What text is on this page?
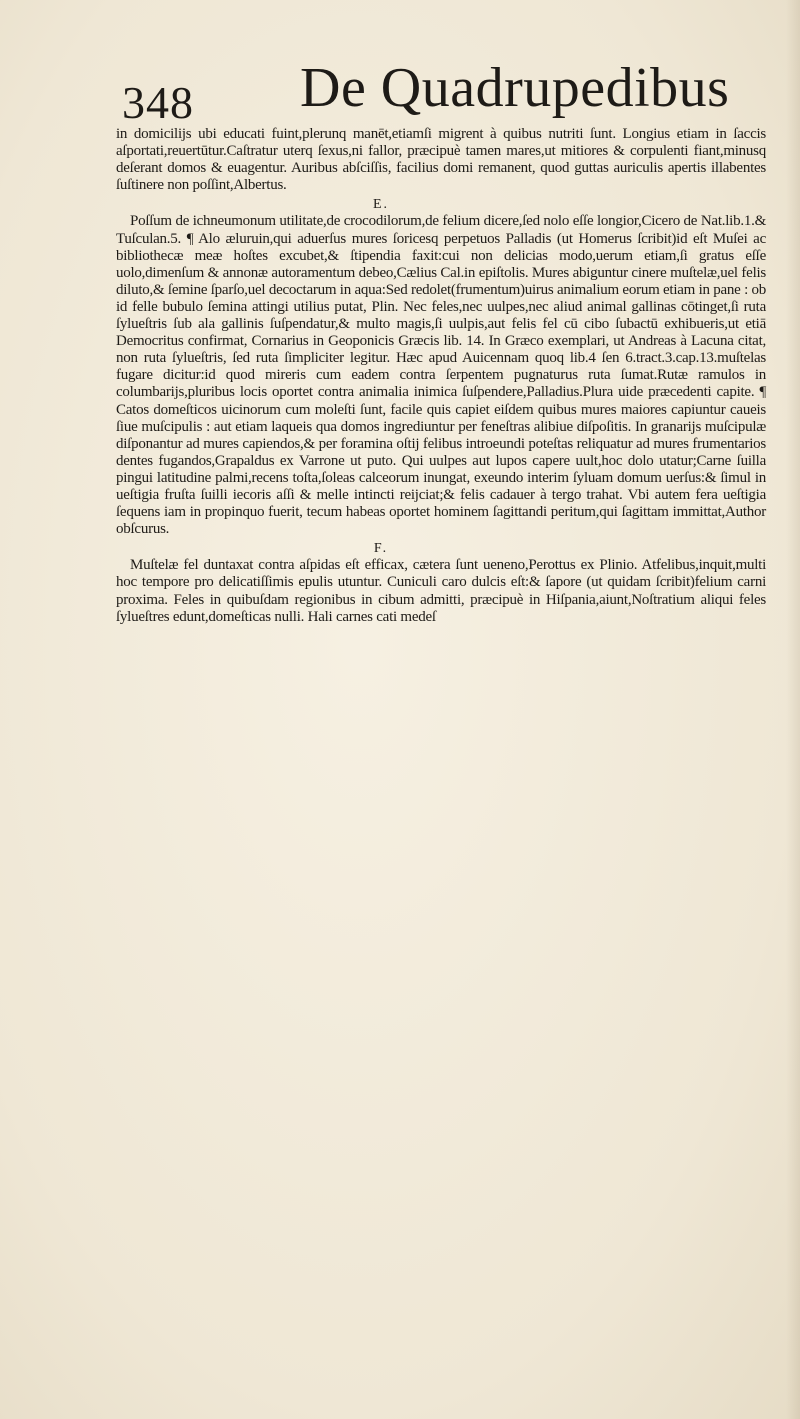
348 De Quadrupedibus

in domicilijs ubi educati fuint,plerunq manēt,etiamſi migrent à quibus nutriti ſunt. Longius etiam in ſaccis aſportati,reuertūtur.Caſtratur uterq ſexus,ni fallor, præcipuè tamen mares,ut mitiores & corpulenti fiant,minusq deſerant domos & euagentur. Auribus abſciſſis, facilius domi remanent, quod guttas auriculis apertis illabentes ſuſtinere non poſſint,Albertus.

E.

Poſſum de ichneumonum utilitate,de crocodilorum,de felium dicere,ſed nolo eſſe longior,Cicero de Nat.lib.1.& Tuſculan.5. ¶ Alo æluruin,qui aduerſus mures ſoricesq perpetuos Palladis (ut Homerus ſcribit)id eſt Muſei ac bibliothecæ meæ hoſtes excubet,& ſtipendia faxit:cui non delicias modo,uerum etiam,ſi gratus eſſe uolo,dimenſum & annonæ autoramentum debeo,Cælius Cal.in epiſtolis. Mures abiguntur cinere muſtelæ,uel felis diluto,& ſemine ſparſo,uel decoctarum in aqua:Sed redolet(frumentum)uirus animalium eorum etiam in pane : ob id felle bubulo ſemina attingi utilius putat, Plin. Nec feles,nec uulpes,nec aliud animal gallinas cōtinget,ſi ruta ſylueſtris ſub ala gallinis ſuſpendatur,& multo magis,ſi uulpis,aut felis fel cū cibo ſubactū exhibueris,ut etiā Democritus confirmat, Cornarius in Geoponicis Græcis lib. 14. In Græco exemplari, ut Andreas à Lacuna citat, non ruta ſylueſtris, ſed ruta ſimpliciter legitur. Hæc apud Auicennam quoq lib.4 ſen 6.tract.3.cap.13.muſtelas fugare dicitur:id quod mireris cum eadem contra ſerpentem pugnaturus ruta ſumat.Rutæ ramulos in columbarijs,pluribus locis oportet contra animalia inimica ſuſpendere,Palladius.Plura uide præcedenti capite. ¶ Catos domeſticos uicinorum cum moleſti ſunt, facile quis capiet eiſdem quibus mures maiores capiuntur caueis ſiue muſcipulis : aut etiam laqueis qua domos ingrediuntur per feneſtras alibiue diſpoſitis. In granarijs muſcipulæ diſponantur ad mures capiendos,& per foramina oſtij felibus introeundi poteſtas reliquatur ad mures frumentarios dentes fugandos,Grapaldus ex Varrone ut puto. Qui uulpes aut lupos capere uult,hoc dolo utatur;Carne ſuilla pingui latitudine palmi,recens toſta,ſoleas calceorum inungat, exeundo interim ſyluam domum uerſus:& ſimul in ueſtigia fruſta ſuilli iecoris aſſi & melle intincti reijciat;& felis cadauer à tergo trahat. Vbi autem fera ueſtigia ſequens iam in propinquo fuerit, tecum habeas oportet hominem ſagittandi peritum,qui ſagittam immittat,Author obſcurus.

F.

Muſtelæ fel duntaxat contra aſpidas eſt efficax, cætera ſunt ueneno,Perottus ex Plinio. Atfelibus,inquit,multi hoc tempore pro delicatiſſimis epulis utuntur. Cuniculi caro dulcis eſt:& ſapore (ut quidam ſcribit)felium carni proxima. Feles in quibuſdam regionibus in cibum admitti, præcipuè in Hiſpania,aiunt,Noſtratium aliqui feles ſylueſtres edunt,domeſticas nulli. Hali carnes cati medeſ
